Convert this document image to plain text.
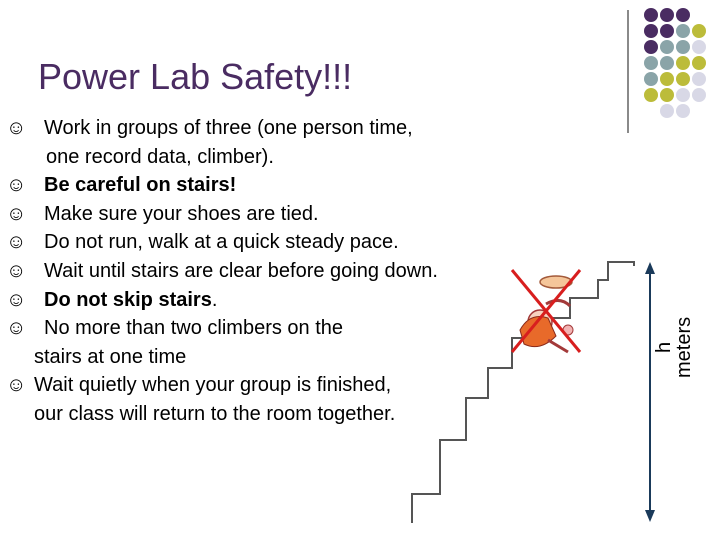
Power Lab Safety!!!
☺ Work in groups of three (one person time,
one record data, climber).
☺ Be careful on stairs!
☺ Make sure your shoes are tied.
☺ Do not run, walk at a quick steady pace.
☺ Wait until stairs are clear before going down.
☺ Do not skip stairs.
☺ No more than two climbers on the
stairs at one time
☺ Wait quietly when your group is finished,
our class will return to the room together.
h
meters
